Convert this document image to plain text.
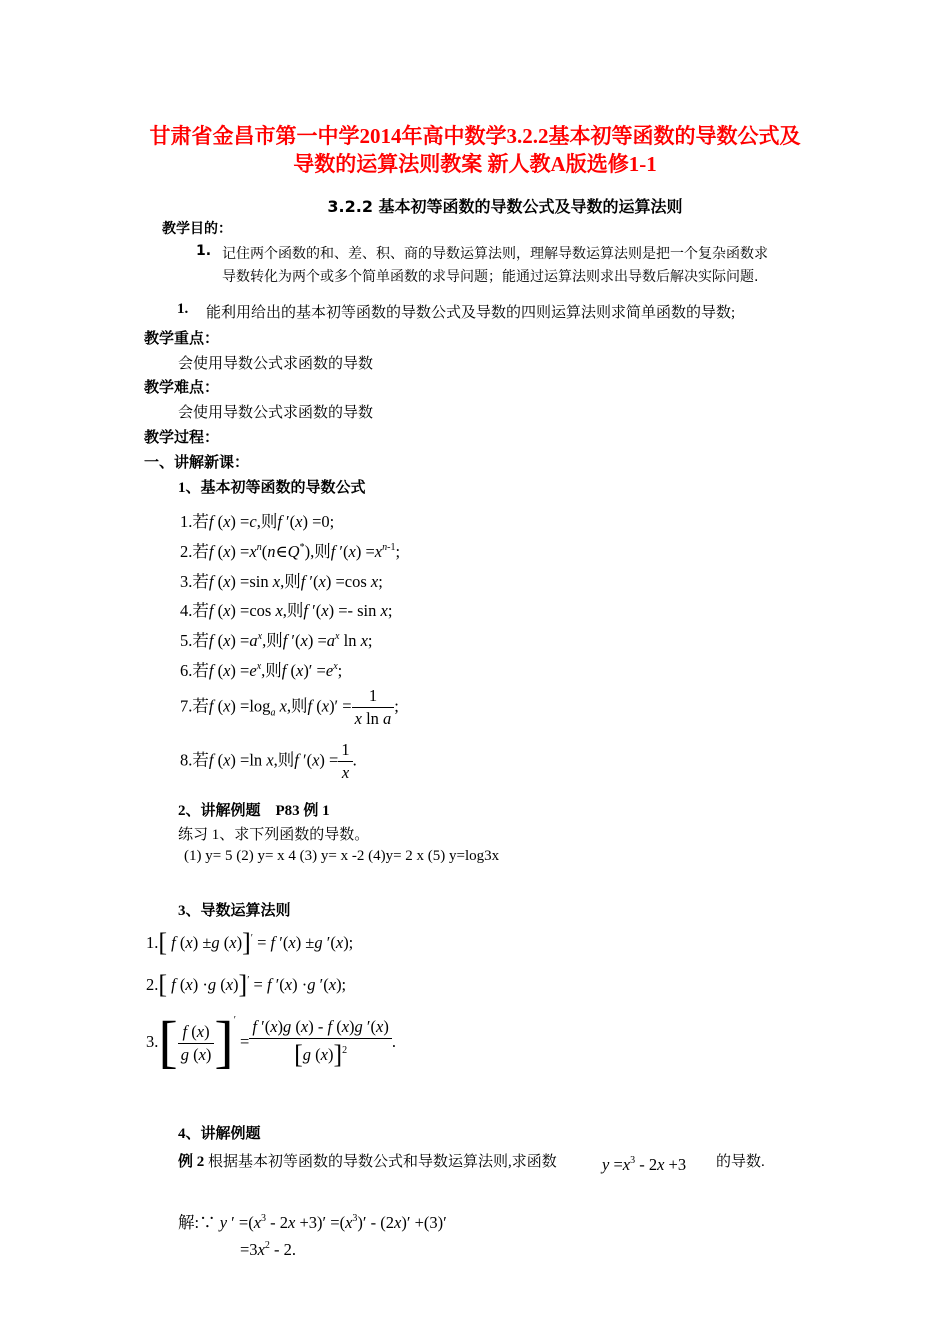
甘肃省金昌市第一中学2014年高中数学3.2.2基本初等函数的导数公式及
导数的运算法则教案 新人教A版选修1-1
3.2.2 基本初等函数的导数公式及导数的运算法则
教学目的：
1. 记住两个函数的和、差、积、商的导数运算法则，理解导数运算法则是把一个复杂函数求
导数转化为两个或多个简单函数的求导问题；能通过运算法则求出导数后解决实际问题.
1. 能利用给出的基本初等函数的导数公式及导数的四则运算法则求简单函数的导数;
教学重点：
会使用导数公式求函数的导数
教学难点：
会使用导数公式求函数的导数
教学过程：
一、讲解新课：
1、基本初等函数的导数公式
1.若f (x) =c,则f ′(x) =0;
2.若f $(x) =x^n(n\in Q^*)$,则f $'(x) =x^{n-1}$;
3.若f (x) =sin x,则f ′(x) =cos x;
4.若f (x) =cos x,则f ′(x) =- sin x;
5.若f $(x) =a^x$,则f $'(x) =a^x$ ln x;
6.若f $(x) =e^x$,则f $(x)' =e^x$;
7.若f $(x) =\log_a$ x,则f $(x)' = \frac{1}{\text{x ln a}}$ ;
8.若f (x) =ln x,则f $'(x) = \frac{1}{x}$ .
2、讲解例题　P83 例 1
练习 1、求下列函数的导数。
(1) y= 5 (2) y= x 4 (3) y= x -2 (4)y= 2 x (5) y=log3x
3、导数运算法则
1.[ f (x) ±g (x)]′ = f ′(x) ±g ′(x);
2.[ f (x) ·g (x)]′ = f ′(x) ·g ′(x);
$3.[ \frac{f (x)}{g (x)} ]' = \frac{f '(x)g (x) - f (x)g '(x)}{[g (x)]^2}$ .
4、讲解例题
例 2 根据基本初等函数的导数公式和导数运算法则,求函数	$y =x^3 - 2x +3$ 的导数.
解:∵ y ′ $=(x^3 - 2x +3)' =(x^3)' - (2x)' +(3)'$
$=3x^2 - 2$.
